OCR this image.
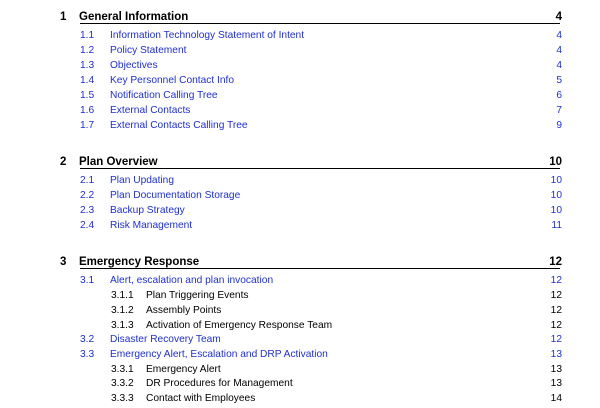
1 General Information	4
1.1 Information Technology Statement of Intent	4
1.2 Policy Statement	4
1.3 Objectives	4
1.4 Key Personnel Contact Info	5
1.5 Notification Calling Tree	6
1.6 External Contacts	7
1.7 External Contacts Calling Tree	9
2 Plan Overview	10
2.1 Plan Updating	10
2.2 Plan Documentation Storage	10
2.3 Backup Strategy	10
2.4 Risk Management	11
3 Emergency Response	12
3.1 Alert, escalation and plan invocation	12
3.1.1 Plan Triggering Events	12
3.1.2 Assembly Points	12
3.1.3 Activation of Emergency Response Team	12
3.2 Disaster Recovery Team	12
3.3 Emergency Alert, Escalation and DRP Activation	13
3.3.1 Emergency Alert	13
3.3.2 DR Procedures for Management	13
3.3.3 Contact with Employees	14
